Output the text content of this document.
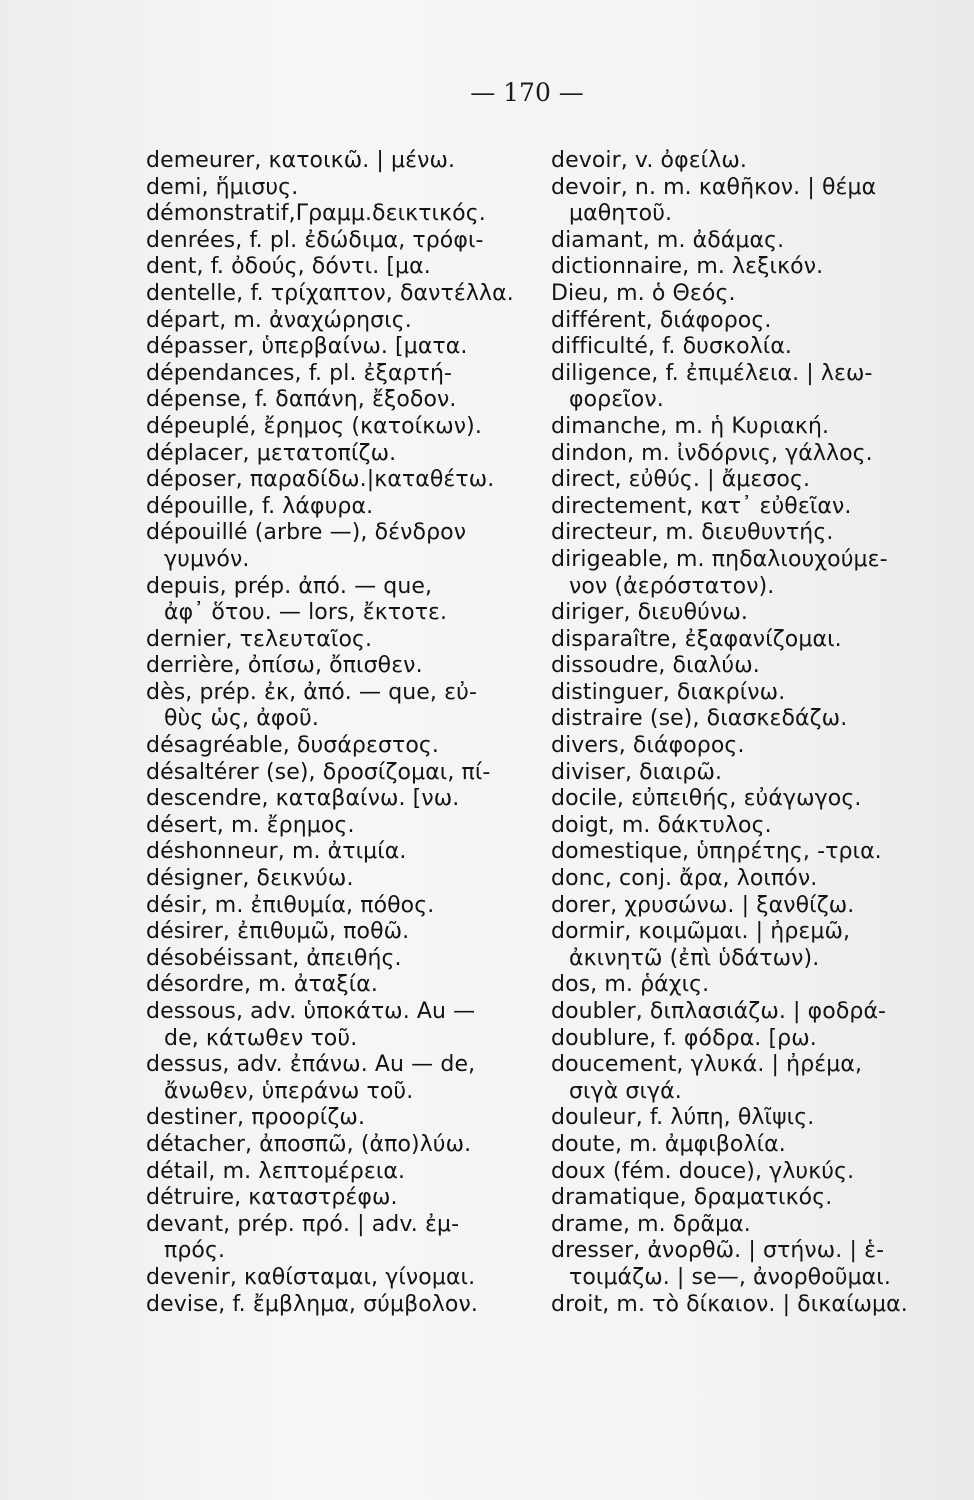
— 170 —
demeurer, κατοικῶ. | μένω.
demi, ἥμισυς.
démonstratif,Γραμμ.δεικτικός.
denrées, f. pl. ἐδώδιμα, τρόφι-
dent, f. ὀδούς, δόντι. [μα.
dentelle, f. τρίχαπτον, δαντέλλα.
départ, m. ἀναχώρησις.
dépasser, ὑπερβαίνω. [ματα.
dépendances, f. pl. ἐξαρτή-
dépense, f. δαπάνη, ἔξοδον.
dépeuplé, ἔρημος (κατοίκων).
déplacer, μετατοπίζω.
déposer, παραδίδω.|καταθέτω.
dépouille, f. λάφυρα.
dépouillé (arbre —), δένδρον
γυμνόν.
depuis, prép. ἀπό. — que,
ἀφ᾽ ὅτου. — lors, ἔκτοτε.
dernier, τελευταῖος.
derrière, ὀπίσω, ὄπισθεν.
dès, prép. ἐκ, ἀπό. — que, εὐ-
θὺς ὡς, ἀφοῦ.
désagréable, δυσάρεστος.
désaltérer (se), δροσίζομαι, πί-
descendre, καταβαίνω. [νω.
désert, m. ἔρημος.
déshonneur, m. ἀτιμία.
désigner, δεικνύω.
désir, m. ἐπιθυμία, πόθος.
désirer, ἐπιθυμῶ, ποθῶ.
désobéissant, ἀπειθής.
désordre, m. ἀταξία.
dessous, adv. ὑποκάτω. Au —
de, κάτωθεν τοῦ.
dessus, adv. ἐπάνω. Au — de,
ἄνωθεν, ὑπεράνω τοῦ.
destiner, προορίζω.
détacher, ἀποσπῶ, (ἀπο)λύω.
détail, m. λεπτομέρεια.
détruire, καταστρέφω.
devant, prép. πρό. | adv. ἐμ-
πρός.
devenir, καθίσταμαι, γίνομαι.
devise, f. ἔμβλημα, σύμβολον.
devoir, v. ὀφείλω.
devoir, n. m. καθῆκον. | θέμα
μαθητοῦ.
diamant, m. ἀδάμας.
dictionnaire, m. λεξικόν.
Dieu, m. ὁ Θεός.
différent, διάφορος.
difficulté, f. δυσκολία.
diligence, f. ἐπιμέλεια. | λεω-
φορεῖον.
dimanche, m. ἡ Κυριακή.
dindon, m. ἰνδόρνις, γάλλος.
direct, εὐθύς. | ἄμεσος.
directement, κατ᾽ εὐθεῖαν.
directeur, m. διευθυντής.
dirigeable, m. πηδαλιουχούμε-
νον (ἀερόστατον).
diriger, διευθύνω.
disparaître, ἐξαφανίζομαι.
dissoudre, διαλύω.
distinguer, διακρίνω.
distraire (se), διασκεδάζω.
divers, διάφορος.
diviser, διαιρῶ.
docile, εὐπειθής, εὐάγωγος.
doigt, m. δάκτυλος.
domestique, ὑπηρέτης, -τρια.
donc, conj. ἄρα, λοιπόν.
dorer, χρυσώνω. | ξανθίζω.
dormir, κοιμῶμαι. | ἠρεμῶ,
ἀκινητῶ (ἐπὶ ὑδάτων).
dos, m. ῥάχις.
doubler, διπλασιάζω. | φοδρά-
doublure, f. φόδρα. [ρω.
doucement, γλυκά. | ἠρέμα,
σιγὰ σιγά.
douleur, f. λύπη, θλῖψις.
doute, m. ἀμφιβολία.
doux (fém. douce), γλυκύς.
dramatique, δραματικός.
drame, m. δρᾶμα.
dresser, ἀνορθῶ. | στήνω. | ἑ-
τοιμάζω. | se—, ἀνορθοῦμαι.
droit, m. τὸ δίκαιον. | δικαίωμα.
